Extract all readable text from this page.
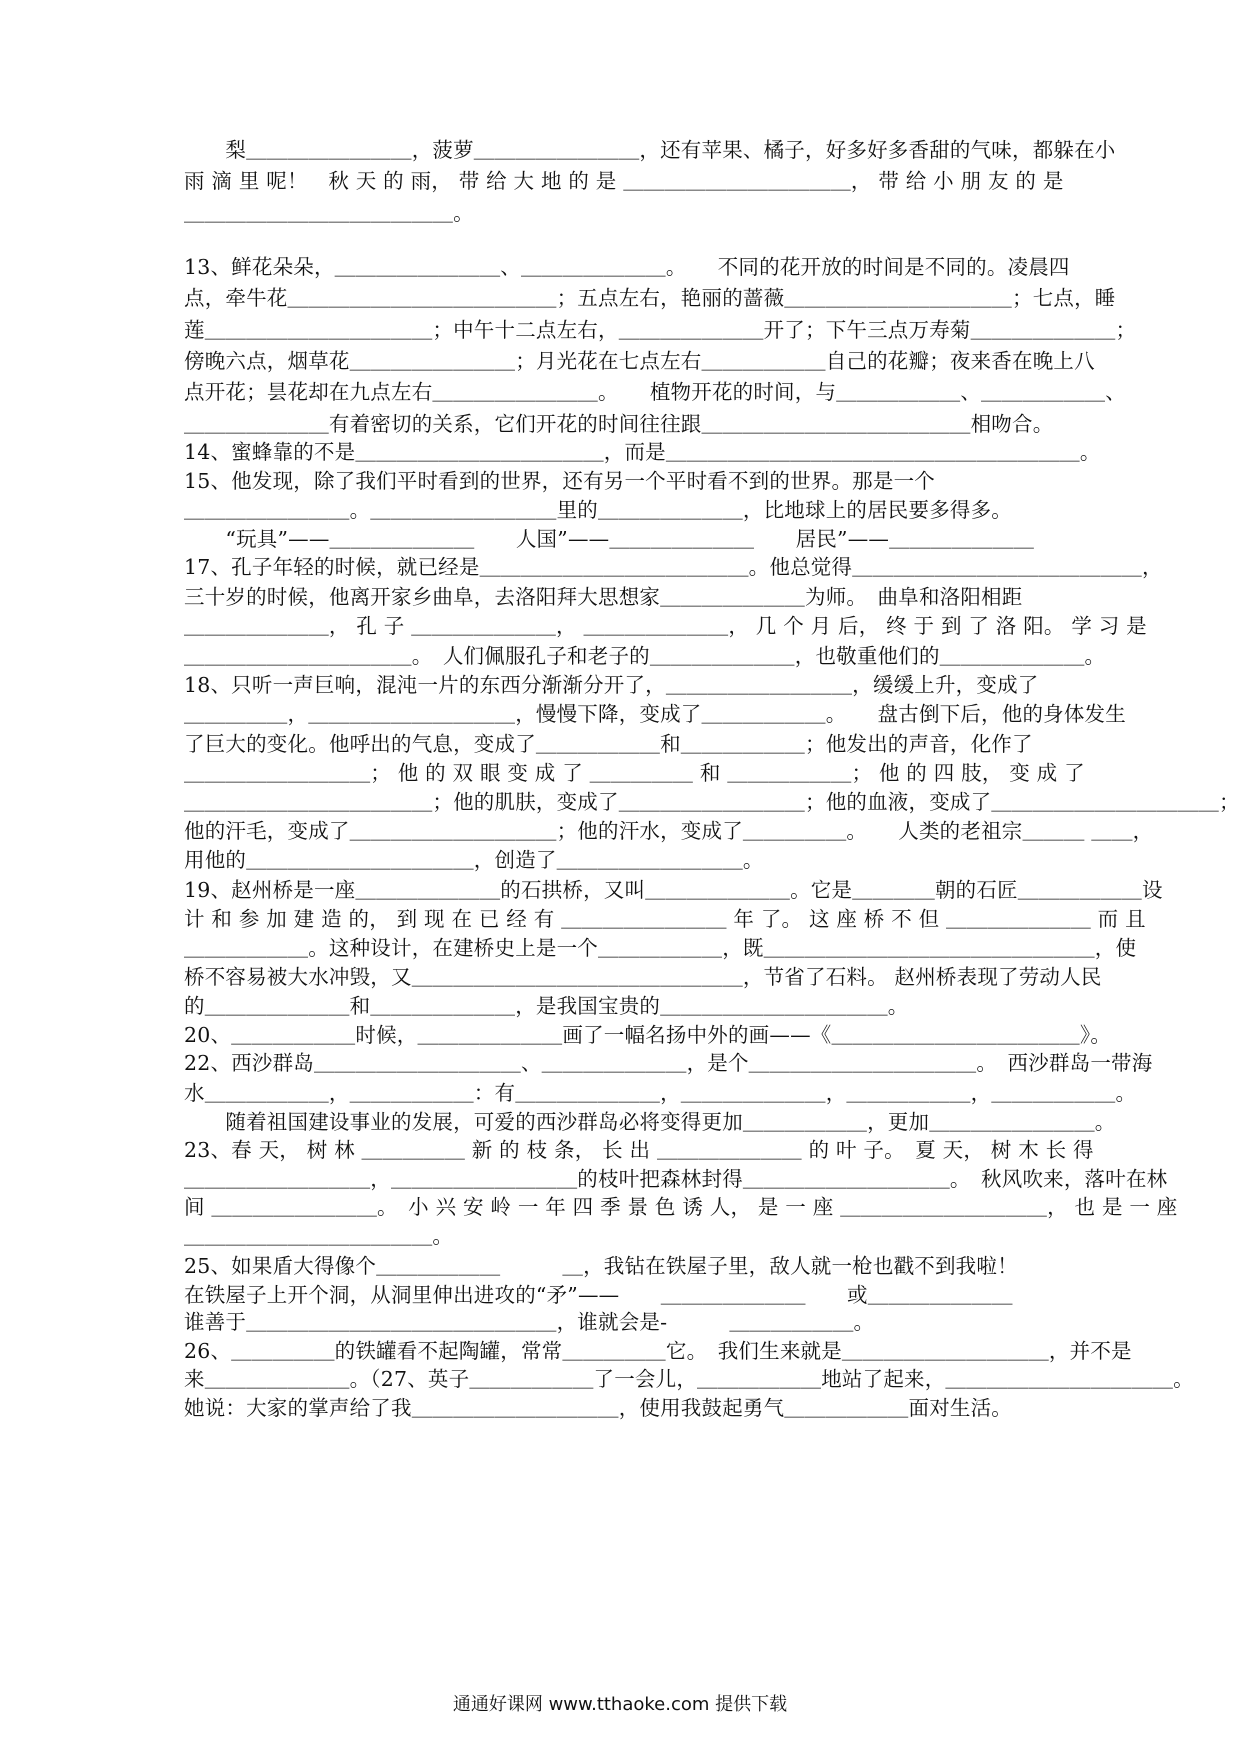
　　梨＿＿＿＿＿＿＿＿，菠萝＿＿＿＿＿＿＿＿，还有苹果、橘子，好多好多香甜的气味，都躲在小
雨 滴 里 呢！　秋 天 的 雨， 带 给 大 地 的 是 ＿＿＿＿＿＿＿＿＿＿＿， 带 给 小 朋 友 的 是
＿＿＿＿＿＿＿＿＿＿＿＿＿。
13、鲜花朵朵，＿＿＿＿＿＿＿＿、＿＿＿＿＿＿＿。　　不同的花开放的时间是不同的。凌晨四
点，牵牛花＿＿＿＿＿＿＿＿＿＿＿＿＿；五点左右，艳丽的蔷薇＿＿＿＿＿＿＿＿＿＿＿；七点，睡
莲＿＿＿＿＿＿＿＿＿＿＿；中午十二点左右，＿＿＿＿＿＿＿开了；下午三点万寿菊＿＿＿＿＿＿＿；
傍晚六点，烟草花＿＿＿＿＿＿＿＿；月光花在七点左右＿＿＿＿＿＿自己的花瓣；夜来香在晚上八
点开花；昙花却在九点左右＿＿＿＿＿＿＿＿。　　植物开花的时间，与＿＿＿＿＿＿、＿＿＿＿＿＿、
＿＿＿＿＿＿＿有着密切的关系，它们开花的时间往往跟＿＿＿＿＿＿＿＿＿＿＿＿＿相吻合。
14、蜜蜂靠的不是＿＿＿＿＿＿＿＿＿＿＿＿，而是＿＿＿＿＿＿＿＿＿＿＿＿＿＿＿＿＿＿＿＿。
15、他发现，除了我们平时看到的世界，还有另一个平时看不到的世界。那是一个
＿＿＿＿＿＿＿＿。＿＿＿＿＿＿＿＿＿里的＿＿＿＿＿＿＿，比地球上的居民要多得多。
　　“玩具”——＿＿＿＿＿＿＿　　人国”——＿＿＿＿＿＿＿　　居民”——＿＿＿＿＿＿＿
17、孔子年轻的时候，就已经是＿＿＿＿＿＿＿＿＿＿＿＿＿。他总觉得＿＿＿＿＿＿＿＿＿＿＿＿＿＿，
三十岁的时候，他离开家乡曲阜，去洛阳拜大思想家＿＿＿＿＿＿＿为师。　曲阜和洛阳相距
＿＿＿＿＿＿＿， 孔 子 ＿＿＿＿＿＿＿， ＿＿＿＿＿＿＿， 几 个 月 后， 终 于 到 了 洛 阳。 学 习 是
＿＿＿＿＿＿＿＿＿＿＿。　人们佩服孔子和老子的＿＿＿＿＿＿＿，也敬重他们的＿＿＿＿＿＿＿。
18、只听一声巨响，混沌一片的东西分渐渐分开了，＿＿＿＿＿＿＿＿＿，缓缓上升，变成了
＿＿＿＿＿，＿＿＿＿＿＿＿＿＿＿，慢慢下降，变成了＿＿＿＿＿＿。　　盘古倒下后，他的身体发生
了巨大的变化。他呼出的气息，变成了＿＿＿＿＿＿和＿＿＿＿＿＿；他发出的声音，化作了
＿＿＿＿＿＿＿＿＿； 他 的 双 眼 变 成 了 ＿＿＿＿＿ 和 ＿＿＿＿＿＿； 他 的 四 肢， 变 成 了
＿＿＿＿＿＿＿＿＿＿＿＿；他的肌肤，变成了＿＿＿＿＿＿＿＿＿；他的血液，变成了＿＿＿＿＿＿＿＿＿＿＿；
他的汗毛，变成了＿＿＿＿＿＿＿＿＿＿；他的汗水，变成了＿＿＿＿＿。　　人类的老祖宗＿＿＿ ＿＿，
用他的＿＿＿＿＿＿＿＿＿＿＿，创造了＿＿＿＿＿＿＿＿＿。
19、赵州桥是一座＿＿＿＿＿＿＿的石拱桥，又叫＿＿＿＿＿＿＿。它是＿＿＿＿朝的石匠＿＿＿＿＿＿设
计 和 参 加 建 造 的， 到 现 在 已 经 有 ＿＿＿＿＿＿＿＿ 年 了。 这 座 桥 不 但 ＿＿＿＿＿＿＿ 而 且
＿＿＿＿＿＿。这种设计，在建桥史上是一个＿＿＿＿＿＿，既＿＿＿＿＿＿＿＿＿＿＿＿＿＿＿＿，使
桥不容易被大水冲毁，又＿＿＿＿＿＿＿＿＿＿＿＿＿＿＿＿，节省了石料。 赵州桥表现了劳动人民
的＿＿＿＿＿＿＿和＿＿＿＿＿＿＿，是我国宝贵的＿＿＿＿＿＿＿＿＿＿＿。
20、＿＿＿＿＿＿时候，＿＿＿＿＿＿＿画了一幅名扬中外的画——《＿＿＿＿＿＿＿＿＿＿＿＿》。
22、西沙群岛＿＿＿＿＿＿＿＿＿＿、＿＿＿＿＿＿＿，是个＿＿＿＿＿＿＿＿＿＿＿。　西沙群岛一带海
水＿＿＿＿＿＿，＿＿＿＿＿＿：有＿＿＿＿＿＿＿，＿＿＿＿＿＿＿，＿＿＿＿＿＿，＿＿＿＿＿＿。
　　随着祖国建设事业的发展，可爱的西沙群岛必将变得更加＿＿＿＿＿＿，更加＿＿＿＿＿＿＿＿。
23、春 天， 树 林 ＿＿＿＿＿ 新 的 枝 条， 长 出 ＿＿＿＿＿＿＿ 的 叶 子。　夏 天， 树 木 长 得
＿＿＿＿＿＿＿＿＿，＿＿＿＿＿＿＿＿＿的枝叶把森林封得＿＿＿＿＿＿＿＿＿＿。　秋风吹来，落叶在林
间 ＿＿＿＿＿＿＿＿。　小 兴 安 岭 一 年 四 季 景 色 诱 人， 是 一 座 ＿＿＿＿＿＿＿＿＿＿， 也 是 一 座
＿＿＿＿＿＿＿＿＿＿＿＿。
25、如果盾大得像个＿＿＿＿＿＿　　　＿，我钻在铁屋子里，敌人就一枪也戳不到我啦！
在铁屋子上开个洞，从洞里伸出进攻的“矛”——　　＿＿＿＿＿＿＿　　或＿＿＿＿＿＿＿
谁善于＿＿＿＿＿＿＿＿＿＿＿＿＿＿＿，谁就会是-　　　＿＿＿＿＿＿。
26、＿＿＿＿＿的铁罐看不起陶罐，常常＿＿＿＿＿它。　我们生来就是＿＿＿＿＿＿＿＿＿＿，并不是
来＿＿＿＿＿＿＿。（27、英子＿＿＿＿＿＿了一会儿，＿＿＿＿＿＿地站了起来，＿＿＿＿＿＿＿＿＿＿＿。
她说：大家的掌声给了我＿＿＿＿＿＿＿＿＿＿，使用我鼓起勇气＿＿＿＿＿＿面对生活。
通通好课网 www.tthaoke.com 提供下载
